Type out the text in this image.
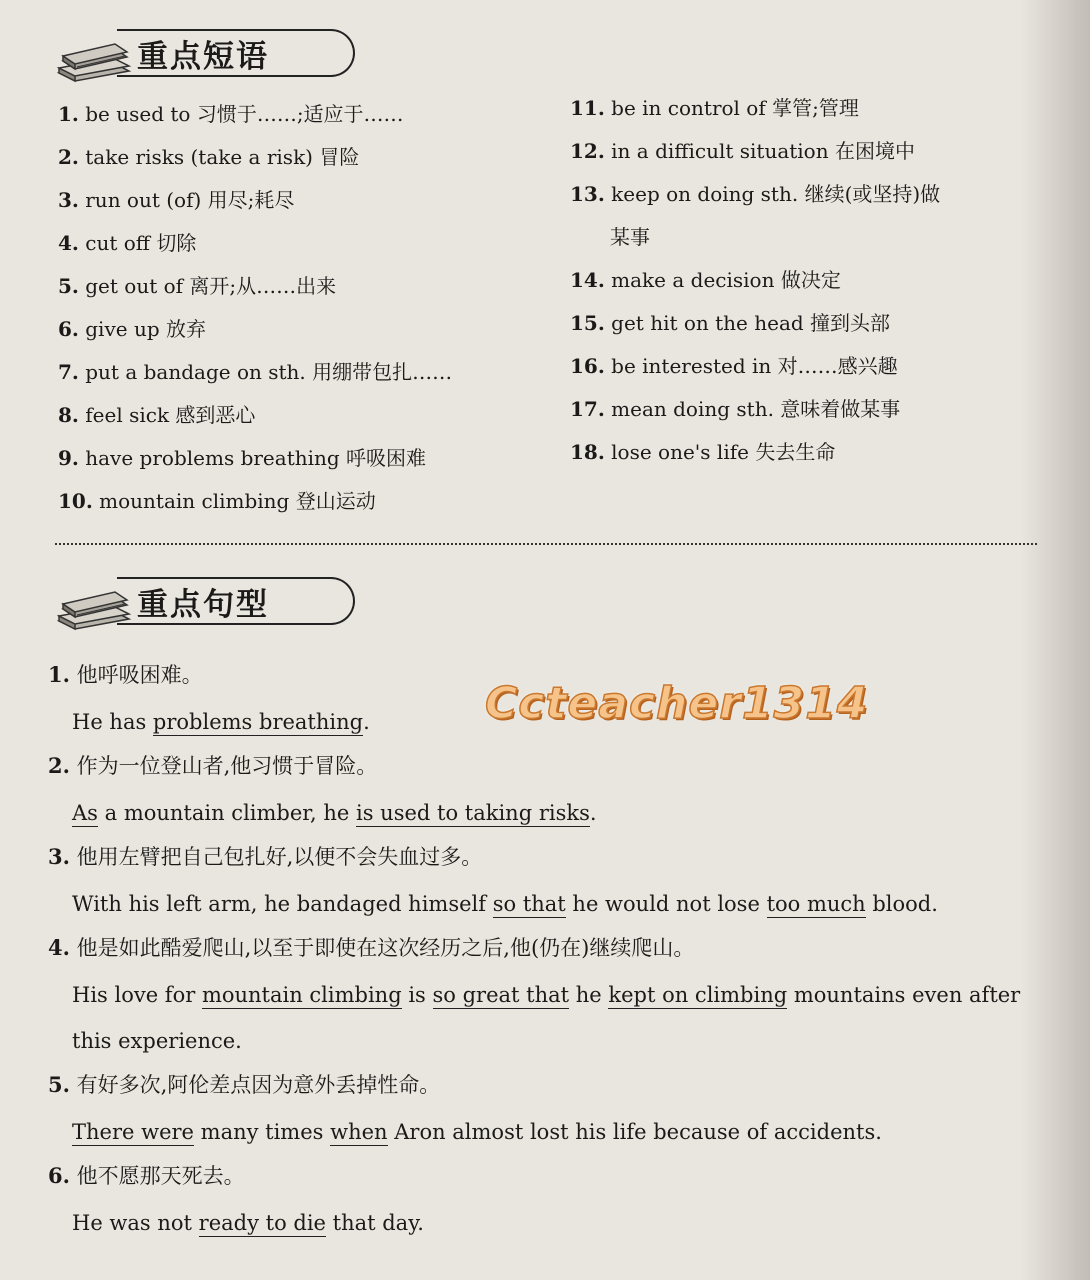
重点短语
1. be used to 习惯于……;适应于……
2. take risks (take a risk) 冒险
3. run out (of) 用尽;耗尽
4. cut off 切除
5. get out of 离开;从……出来
6. give up 放弃
7. put a bandage on sth. 用绷带包扎……
8. feel sick 感到恶心
9. have problems breathing 呼吸困难
10. mountain climbing 登山运动
11. be in control of 掌管;管理
12. in a difficult situation 在困境中
13. keep on doing sth. 继续(或坚持)做
某事
14. make a decision 做决定
15. get hit on the head 撞到头部
16. be interested in 对……感兴趣
17. mean doing sth. 意味着做某事
18. lose one's life 失去生命
重点句型
1. 他呼吸困难。
He has problems breathing.
2. 作为一位登山者,他习惯于冒险。
As a mountain climber, he is used to taking risks.
3. 他用左臂把自己包扎好,以便不会失血过多。
With his left arm, he bandaged himself so that he would not lose too much blood.
4. 他是如此酷爱爬山,以至于即使在这次经历之后,他(仍在)继续爬山。
His love for mountain climbing is so great that he kept on climbing mountains even after
this experience.
5. 有好多次,阿伦差点因为意外丢掉性命。
There were many times when Aron almost lost his life because of accidents.
6. 他不愿那天死去。
He was not ready to die that day.
Ccteacher1314
